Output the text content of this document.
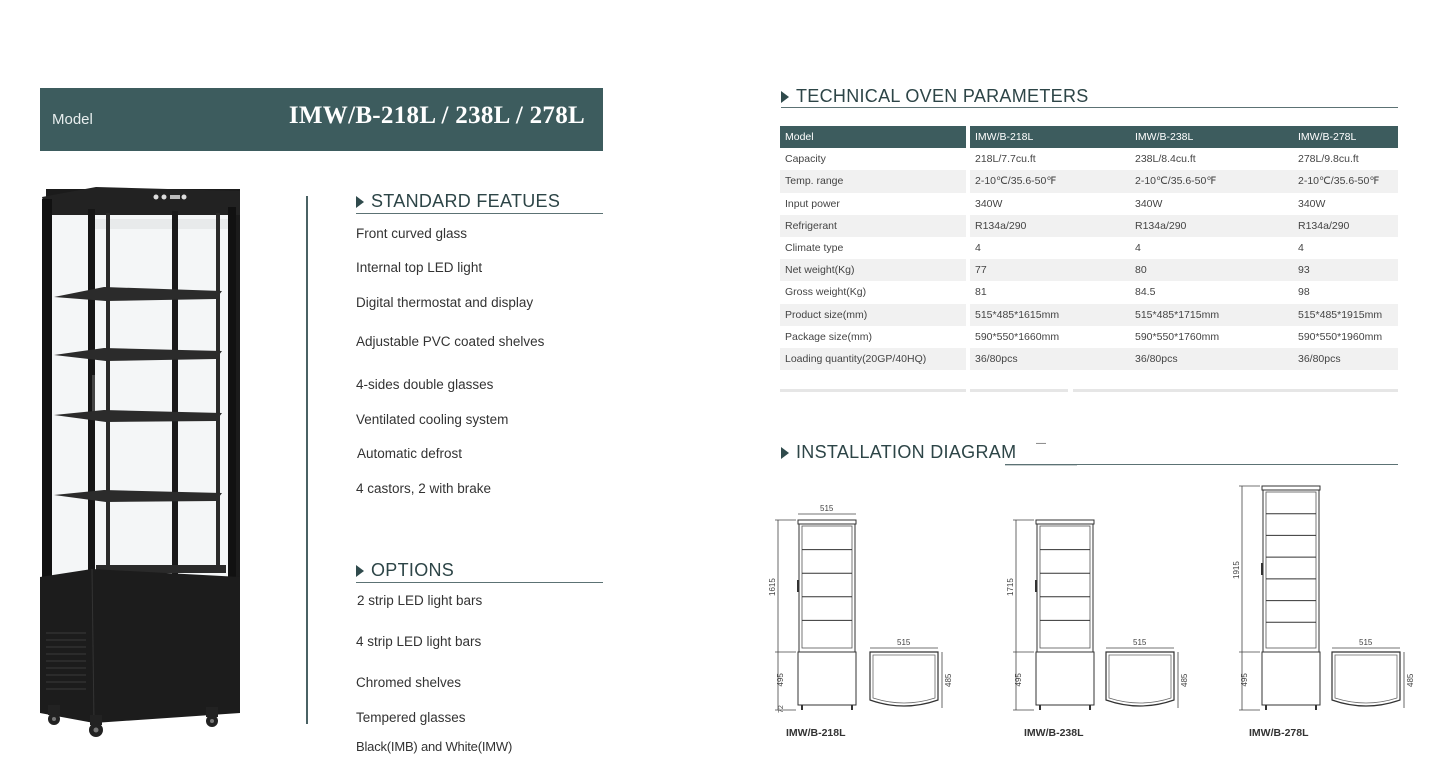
Model	IMW/B-218L / 238L / 278L
STANDARD FEATUES
Front curved glass
Internal top LED light
Digital thermostat and display
Adjustable PVC coated shelves
4-sides double glasses
Ventilated cooling system
Automatic defrost
4 castors, 2 with brake
OPTIONS
2 strip LED light bars
4 strip LED light bars
Chromed shelves
Tempered glasses
Black(IMB) and White(IMW)
TECHNICAL OVEN PARAMETERS
Model		IMW/B-218L	IMW/B-238L	IMW/B-278L
Capacity		218L/7.7cu.ft	238L/8.4cu.ft	278L/9.8cu.ft
Temp. range		2-10℃/35.6-50℉	2-10℃/35.6-50℉	2-10℃/35.6-50℉
Input power		340W	340W	340W
Refrigerant		R134a/290	R134a/290	R134a/290
Climate type		4	4	4
Net weight(Kg)		77	80	93
Gross weight(Kg)		81	84.5	98
Product size(mm)		515*485*1615mm	515*485*1715mm	515*485*1915mm
Package size(mm)		590*550*1660mm	590*550*1760mm	590*550*1960mm
Loading quantity(20GP/40HQ)		36/80pcs	36/80pcs	36/80pcs
INSTALLATION DIAGRAM —
1615
495
72
515
515
485
1715
495
515
485
1915
495
515
485
IMW/B-218L	IMW/B-238L	IMW/B-278L
